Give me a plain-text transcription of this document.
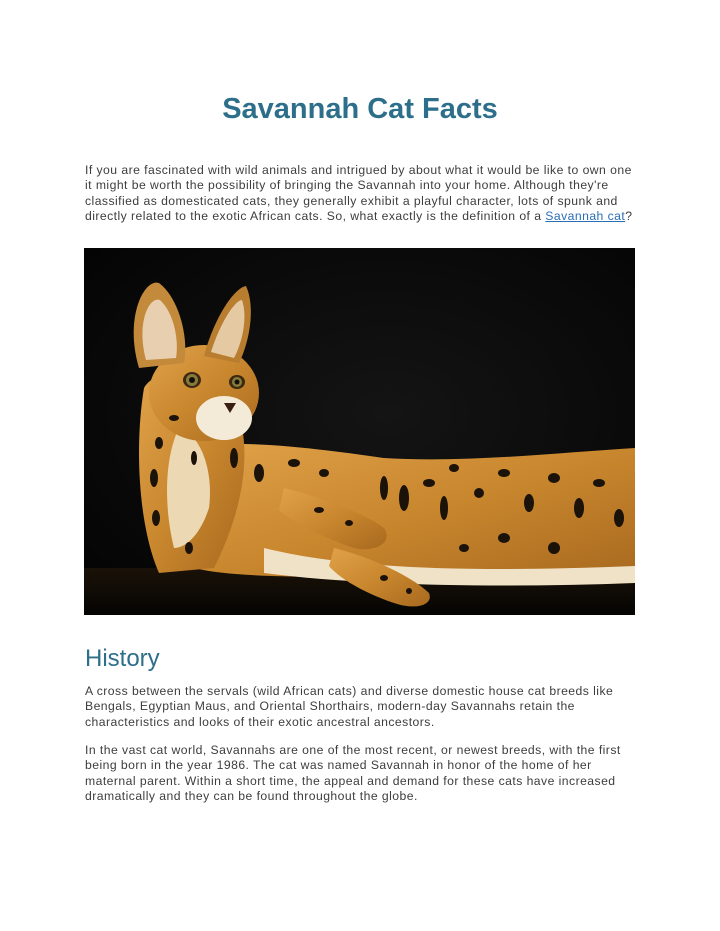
Savannah Cat Facts

If you are fascinated with wild animals and intrigued by about what it would be like to own one it might be worth the possibility of bringing the Savannah into your home. Although they're classified as domesticated cats, they generally exhibit a playful character, lots of spunk and directly related to the exotic African cats. So, what exactly is the definition of a Savannah cat?

History

A cross between the servals (wild African cats) and diverse domestic house cat breeds like Bengals, Egyptian Maus, and Oriental Shorthairs, modern-day Savannahs retain the characteristics and looks of their exotic ancestral ancestors.

In the vast cat world, Savannahs are one of the most recent, or newest breeds, with the first being born in the year 1986. The cat was named Savannah in honor of the home of her maternal parent. Within a short time, the appeal and demand for these cats have increased dramatically and they can be found throughout the globe.
